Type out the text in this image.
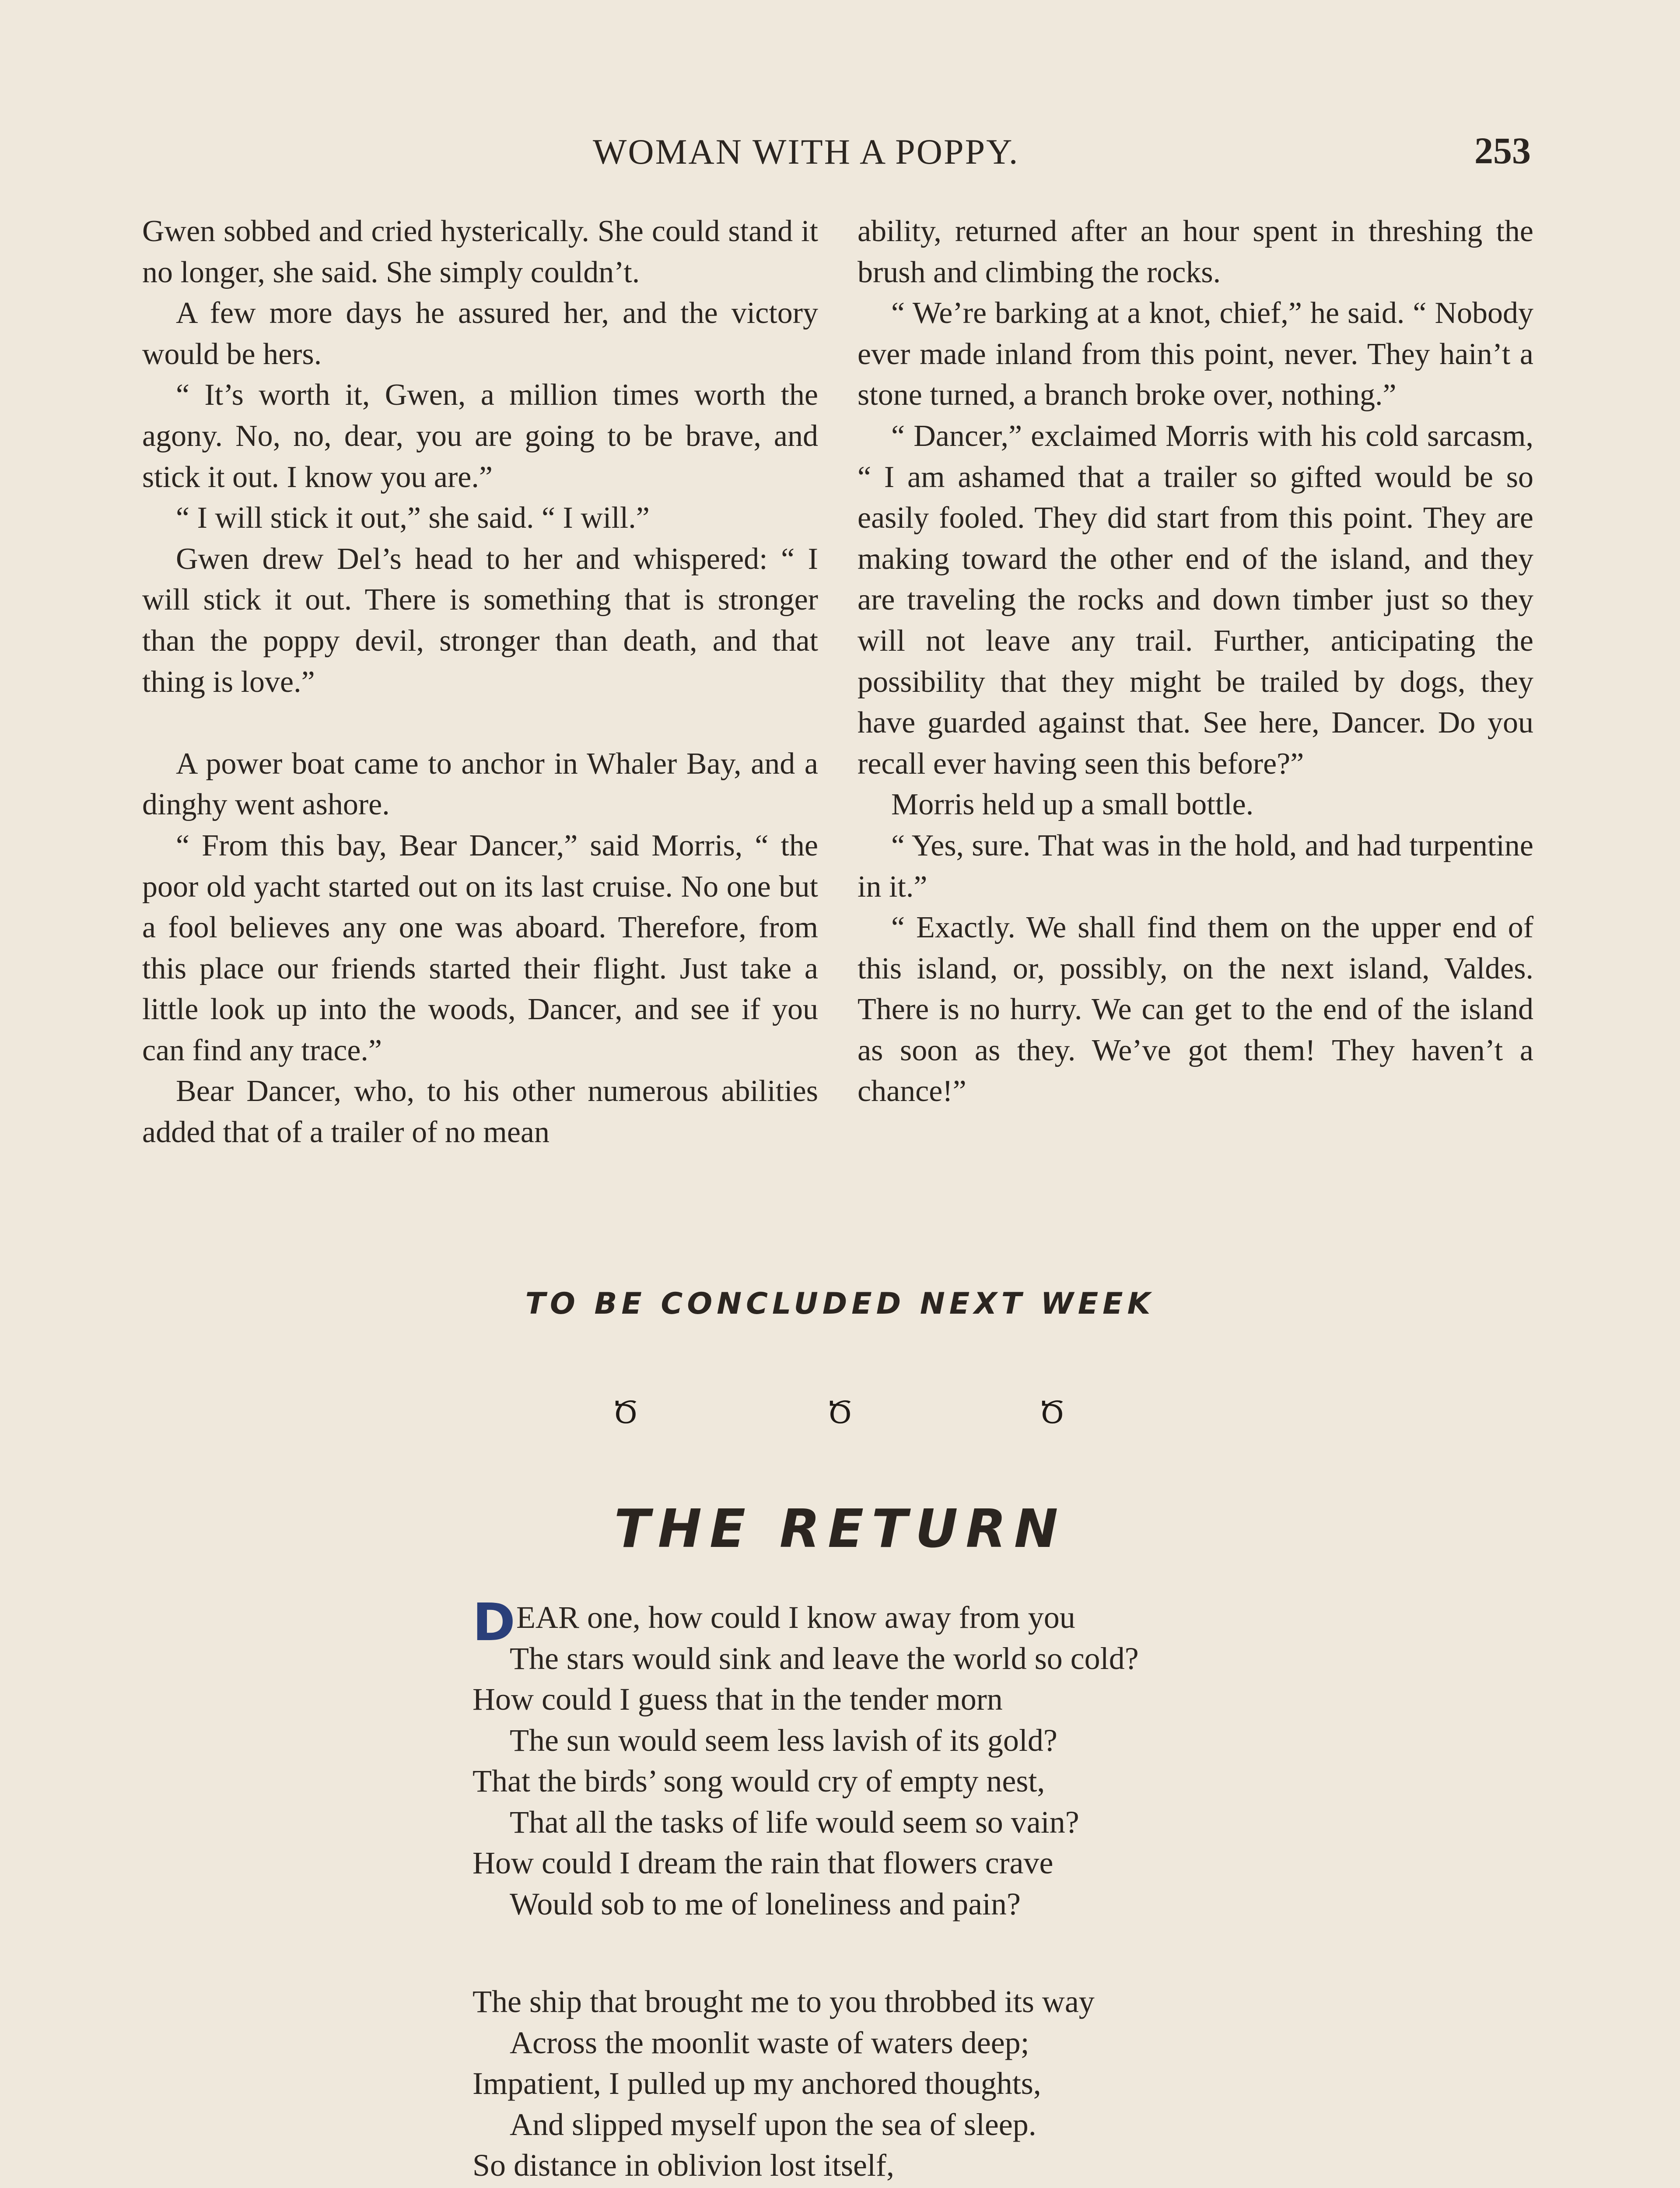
WOMAN WITH A POPPY.	253

Gwen sobbed and cried hysterically. She could stand it no longer, she said. She simply couldn’t.

A few more days he assured her, and the victory would be hers.

“ It’s worth it, Gwen, a million times worth the agony. No, no, dear, you are going to be brave, and stick it out. I know you are.”

“ I will stick it out,” she said. “ I will.”

Gwen drew Del’s head to her and whispered: “ I will stick it out. There is something that is stronger than the poppy devil, stronger than death, and that thing is love.”

A power boat came to anchor in Whaler Bay, and a dinghy went ashore.

“ From this bay, Bear Dancer,” said Morris, “ the poor old yacht started out on its last cruise. No one but a fool believes any one was aboard. Therefore, from this place our friends started their flight. Just take a little look up into the woods, Dancer, and see if you can find any trace.”

Bear Dancer, who, to his other numerous abilities added that of a trailer of no mean

ability, returned after an hour spent in threshing the brush and climbing the rocks.

“ We’re barking at a knot, chief,” he said. “ Nobody ever made inland from this point, never. They hain’t a stone turned, a branch broke over, nothing.”

“ Dancer,” exclaimed Morris with his cold sarcasm, “ I am ashamed that a trailer so gifted would be so easily fooled. They did start from this point. They are making toward the other end of the island, and they are traveling the rocks and down timber just so they will not leave any trail. Further, anticipating the possibility that they might be trailed by dogs, they have guarded against that. See here, Dancer. Do you recall ever having seen this before?”

Morris held up a small bottle.

“ Yes, sure. That was in the hold, and had turpentine in it.”

“ Exactly. We shall find them on the upper end of this island, or, possibly, on the next island, Valdes. There is no hurry. We can get to the end of the island as soon as they. We’ve got them! They haven’t a chance!”

TO BE CONCLUDED NEXT WEEK
Ծ	Ծ	Ծ
THE RETURN
DEAR one, how could I know away from you
The stars would sink and leave the world so cold?
How could I guess that in the tender morn
The sun would seem less lavish of its gold?
That the birds’ song would cry of empty nest,
That all the tasks of life would seem so vain?
How could I dream the rain that flowers crave
Would sob to me of loneliness and pain?
The ship that brought me to you throbbed its way
Across the moonlit waste of waters deep;
Impatient, I pulled up my anchored thoughts,
And slipped myself upon the sea of sleep.
So distance in oblivion lost itself,
